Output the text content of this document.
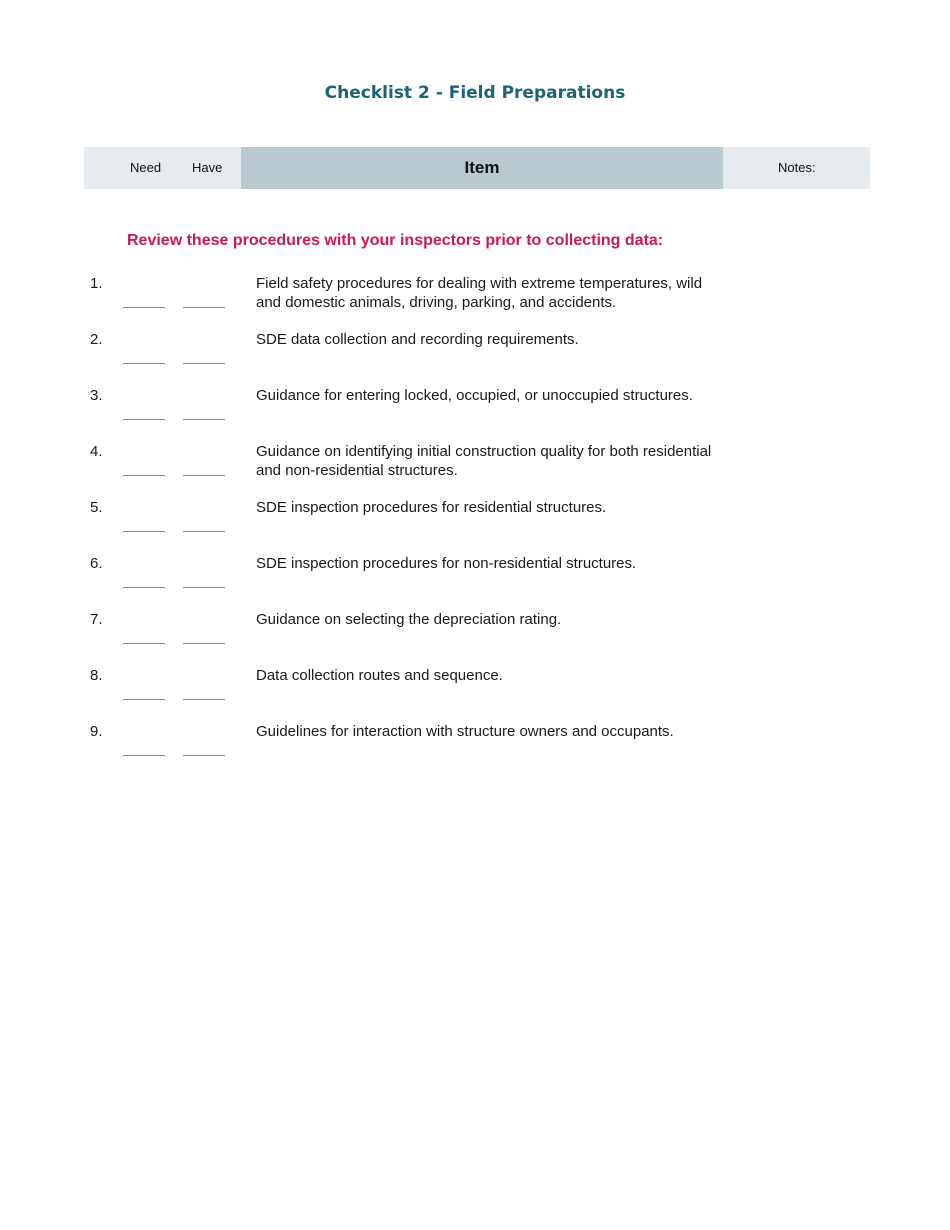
Checklist 2 - Field Preparations
Need Have	Item	Notes:
Review these procedures with your inspectors prior to collecting data:
1.	Field safety procedures for dealing with extreme temperatures, wild and domestic animals, driving, parking, and accidents.
2.	SDE data collection and recording requirements.
3.	Guidance for entering locked, occupied, or unoccupied structures.
4.	Guidance on identifying initial construction quality for both residential and non-residential structures.
5.	SDE inspection procedures for residential structures.
6.	SDE inspection procedures for non-residential structures.
7.	Guidance on selecting the depreciation rating.
8.	Data collection routes and sequence.
9.	Guidelines for interaction with structure owners and occupants.
